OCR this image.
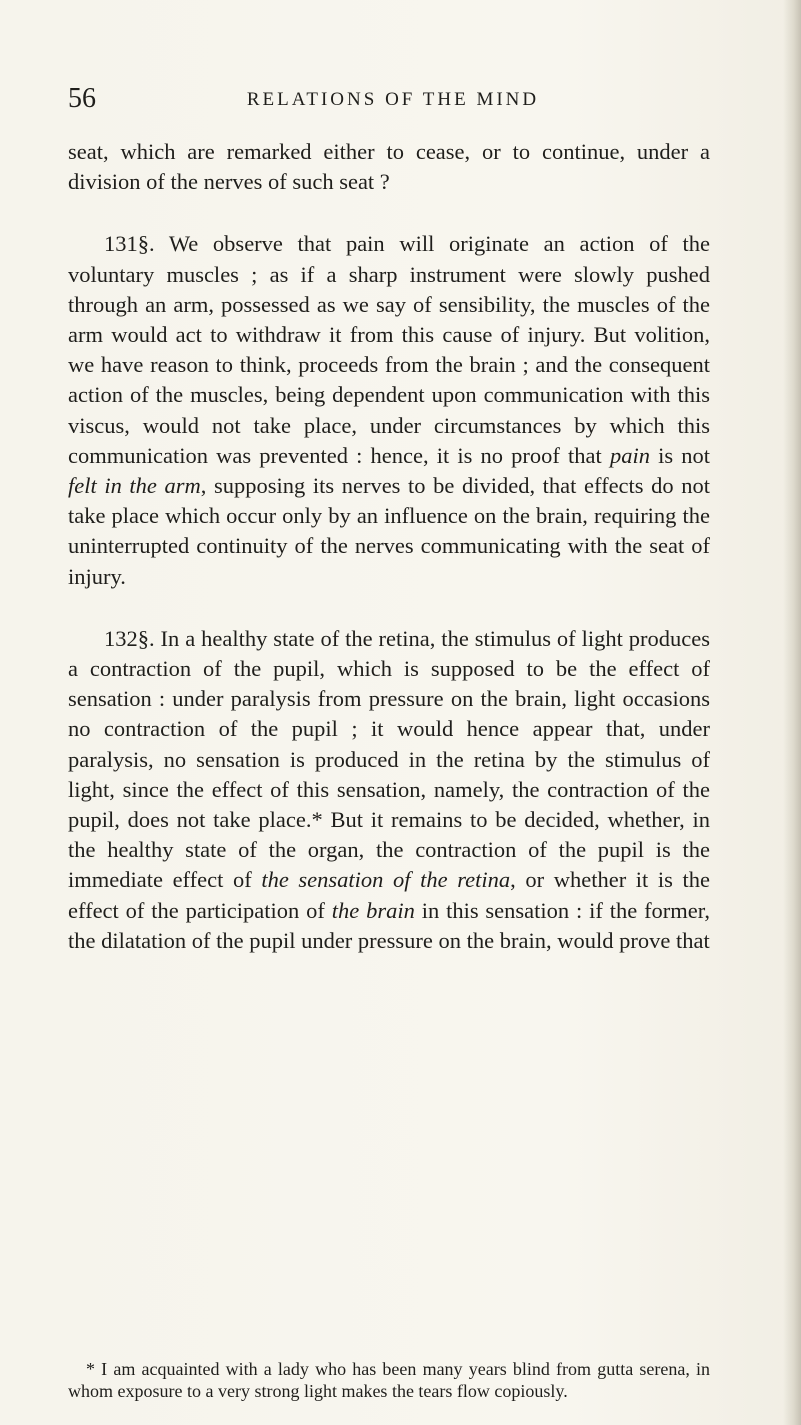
56	RELATIONS OF THE MIND

seat, which are remarked either to cease, or to continue, under a division of the nerves of such seat ?

131§. We observe that pain will originate an action of the voluntary muscles ; as if a sharp instrument were slowly pushed through an arm, possessed as we say of sensibility, the muscles of the arm would act to withdraw it from this cause of injury. But volition, we have reason to think, proceeds from the brain ; and the consequent action of the muscles, being dependent upon communication with this viscus, would not take place, under circumstances by which this communication was prevented : hence, it is no proof that pain is not felt in the arm, supposing its nerves to be divided, that effects do not take place which occur only by an influence on the brain, requiring the uninterrupted continuity of the nerves communicating with the seat of injury.

132§. In a healthy state of the retina, the stimulus of light produces a contraction of the pupil, which is supposed to be the effect of sensation : under paralysis from pressure on the brain, light occasions no contraction of the pupil ; it would hence appear that, under paralysis, no sensation is produced in the retina by the stimulus of light, since the effect of this sensation, namely, the contraction of the pupil, does not take place.* But it remains to be decided, whether, in the healthy state of the organ, the contraction of the pupil is the immediate effect of the sensation of the retina, or whether it is the effect of the participation of the brain in this sensation : if the former, the dilatation of the pupil under pressure on the brain, would prove that

* I am acquainted with a lady who has been many years blind from gutta serena, in whom exposure to a very strong light makes the tears flow copiously.
